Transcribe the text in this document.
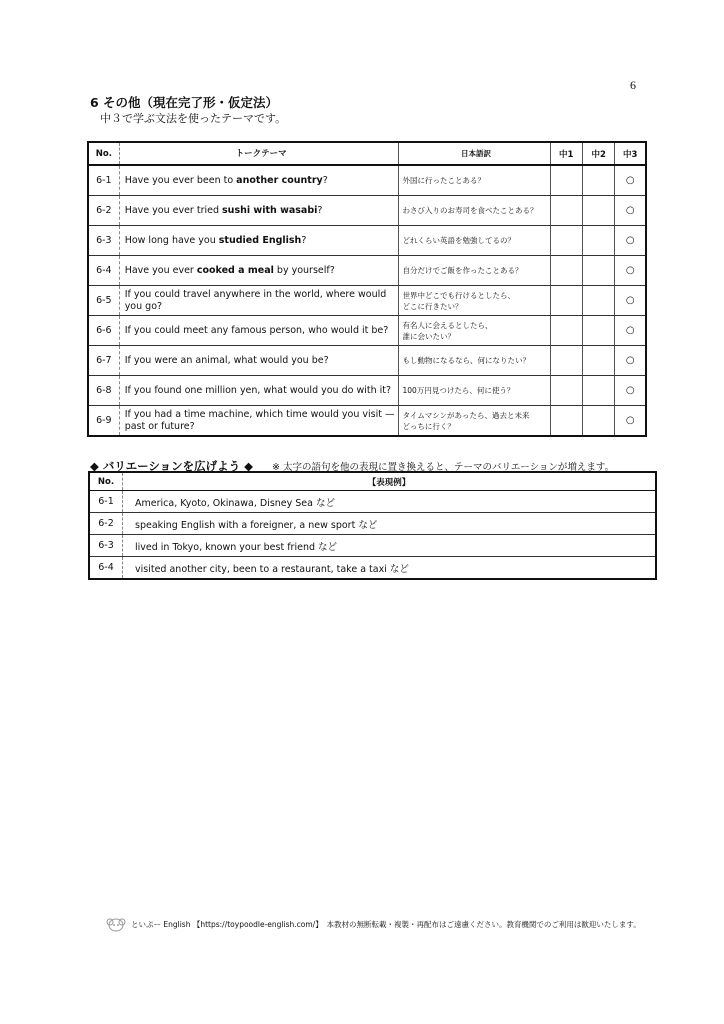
6
6 その他（現在完了形・仮定法）
中３で学ぶ文法を使ったテーマです。
No.	トークテーマ	日本語訳	中1	中2	中3
6-1	Have you ever been to another country?	外国に行ったことある？			○
6-2	Have you ever tried sushi with wasabi?	わさび入りのお寿司を食べたことある？			○
6-3	How long have you studied English?	どれくらい英語を勉強してるの？			○
6-4	Have you ever cooked a meal by yourself?	自分だけでご飯を作ったことある？			○
6-5	If you could travel anywhere in the world, where would you go?	世界中どこでも行けるとしたら、
どこに行きたい？			○
6-6	If you could meet any famous person, who would it be?	有名人に会えるとしたら、
誰に会いたい？			○
6-7	If you were an animal, what would you be?	もし動物になるなら、何になりたい？			○
6-8	If you found one million yen, what would you do with it?	100万円見つけたら、何に使う？			○
6-9	If you had a time machine, which time would you visit —past or future?	タイムマシンがあったら、過去と未来
どっちに行く？			○
◆ バリエーションを広げよう ◆ ※ 太字の語句を他の表現に置き換えると、テーマのバリエーションが増えます。
No.	【表現例】
6-1	America, Kyoto, Okinawa, Disney Sea など
6-2	speaking English with a foreigner, a new sport など
6-3	lived in Tokyo, known your best friend など
6-4	visited another city, been to a restaurant, take a taxi など
といぷー English 【https://toypoodle-english.com/】　本教材の無断転載・複製・再配布はご遠慮ください。教育機関でのご利用は歓迎いたします。
